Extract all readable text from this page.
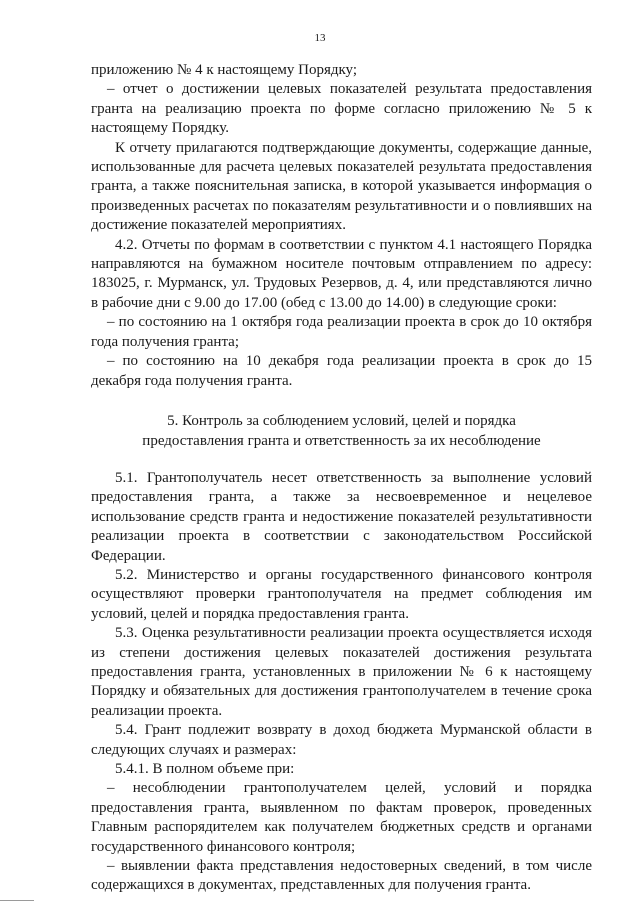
13

приложению № 4 к настоящему Порядку;

– отчет о достижении целевых показателей результата предоставления гранта на реализацию проекта по форме согласно приложению № 5 к настоящему Порядку.

К отчету прилагаются подтверждающие документы, содержащие данные, использованные для расчета целевых показателей результата предоставления гранта, а также пояснительная записка, в которой указывается информация о произведенных расчетах по показателям результативности и о повлиявших на достижение показателей мероприятиях.

4.2. Отчеты по формам в соответствии с пунктом 4.1 настоящего Порядка направляются на бумажном носителе почтовым отправлением по адресу: 183025, г. Мурманск, ул. Трудовых Резервов, д. 4, или представляются лично в рабочие дни с 9.00 до 17.00 (обед с 13.00 до 14.00) в следующие сроки:

– по состоянию на 1 октября года реализации проекта в срок до 10 октября года получения гранта;

– по состоянию на 10 декабря года реализации проекта в срок до 15 декабря года получения гранта.

5. Контроль за соблюдением условий, целей и порядка
предоставления гранта и ответственность за их несоблюдение

5.1. Грантополучатель несет ответственность за выполнение условий предоставления гранта, а также за несвоевременное и нецелевое использование средств гранта и недостижение показателей результативности реализации проекта в соответствии с законодательством Российской Федерации.

5.2. Министерство и органы государственного финансового контроля осуществляют проверки грантополучателя на предмет соблюдения им условий, целей и порядка предоставления гранта.

5.3. Оценка результативности реализации проекта осуществляется исходя из степени достижения целевых показателей достижения результата предоставления гранта, установленных в приложении № 6 к настоящему Порядку и обязательных для достижения грантополучателем в течение срока реализации проекта.

5.4. Грант подлежит возврату в доход бюджета Мурманской области в следующих случаях и размерах:

5.4.1. В полном объеме при:

– несоблюдении грантополучателем целей, условий и порядка предоставления гранта, выявленном по фактам проверок, проведенных Главным распорядителем как получателем бюджетных средств и органами государственного финансового контроля;

– выявлении факта представления недостоверных сведений, в том числе содержащихся в документах, представленных для получения гранта.
